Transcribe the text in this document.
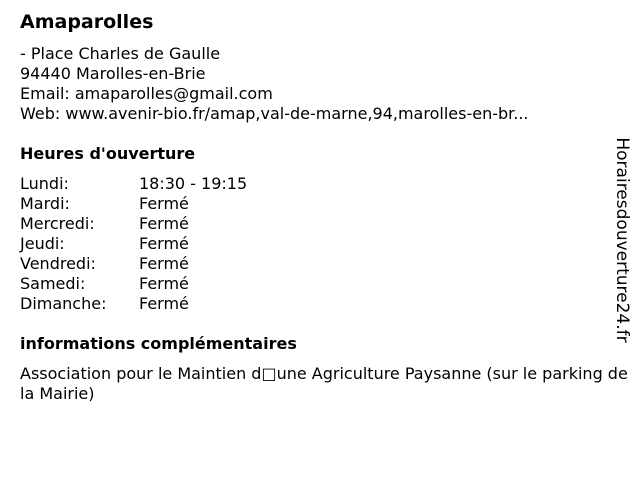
Amaparolles
- Place Charles de Gaulle
94440 Marolles-en-Brie
Email: amaparolles@gmail.com
Web: www.avenir-bio.fr/amap,val-de-marne,94,marolles-en-br...
Heures d'ouverture
Lundi:	18:30 - 19:15
Mardi:	Fermé
Mercredi:	Fermé
Jeudi:	Fermé
Vendredi:	Fermé
Samedi:	Fermé
Dimanche:	Fermé
informations complémentaires
Association pour le Maintien d□une Agriculture Paysanne (sur le parking de la Mairie)
Horairesdouverture24.fr
